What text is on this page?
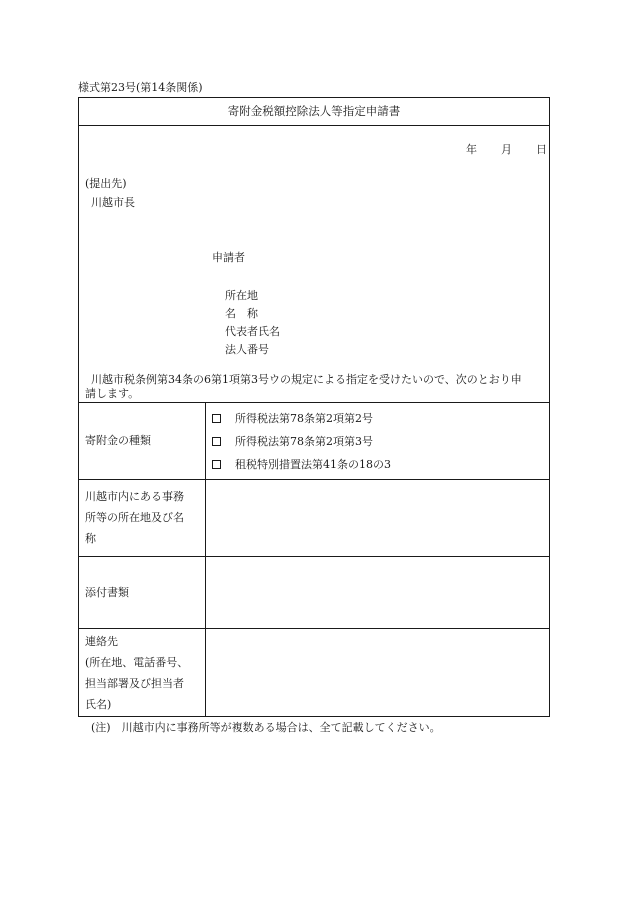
様式第23号(第14条関係)
寄附金税額控除法人等指定申請書
年 月 日
(提出先)
川越市長
申請者
所在地
名　称
代表者氏名
法人番号
川越市税条例第34条の6第1項第3号ウの規定による指定を受けたいので、次のとおり申
請します。
寄附金の種類
所得税法第78条第2項第2号
所得税法第78条第2項第3号
租税特別措置法第41条の18の3
川越市内にある事務
所等の所在地及び名
称
添付書類
連絡先
(所在地、電話番号、
担当部署及び担当者
氏名)
(注)　川越市内に事務所等が複数ある場合は、全て記載してください。
